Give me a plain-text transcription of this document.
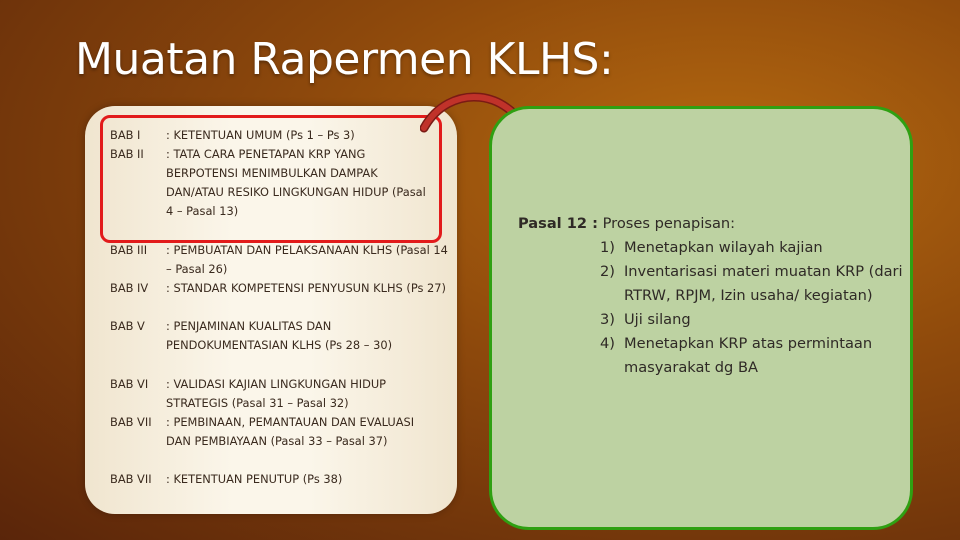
Muatan Rapermen KLHS:
BAB I : KETENTUAN UMUM (Ps 1 – Ps 3)
BAB II : TATA CARA PENETAPAN KRP YANG BERPOTENSI MENIMBULKAN DAMPAK DAN/ATAU RESIKO LINGKUNGAN HIDUP (Pasal 4 – Pasal 13)
BAB III : PEMBUATAN DAN PELAKSANAAN KLHS (Pasal 14 – Pasal 26)
BAB IV : STANDAR KOMPETENSI PENYUSUN KLHS (Ps 27)
BAB V : PENJAMINAN KUALITAS DAN PENDOKUMENTASIAN KLHS (Ps 28 – 30)
BAB VI : VALIDASI KAJIAN LINGKUNGAN HIDUP STRATEGIS (Pasal 31 – Pasal 32)
BAB VII : PEMBINAAN, PEMANTAUAN DAN EVALUASI DAN PEMBIAYAAN (Pasal 33 – Pasal 37)
BAB VII : KETENTUAN PENUTUP (Ps 38)
Pasal 12 : Proses penapisan:
1) Menetapkan wilayah kajian
2) Inventarisasi materi muatan KRP (dari RTRW, RPJM, Izin usaha/ kegiatan)
3) Uji silang
4) Menetapkan KRP atas permintaan masyarakat dg BA
